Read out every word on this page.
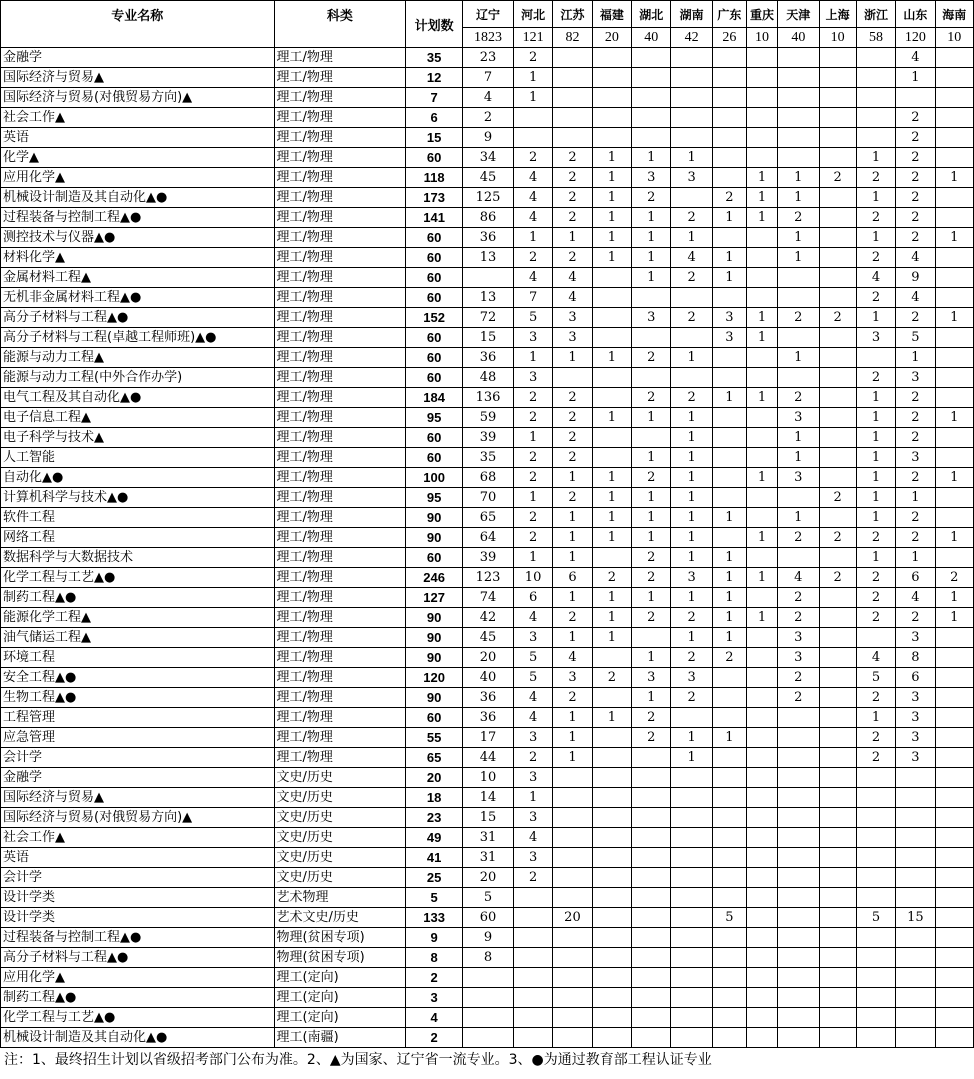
专业名称	科类	计划数	辽宁	河北	江苏	福建	湖北	湖南	广东	重庆	天津	上海	浙江	山东	海南
			1823	121	82	20	40	42	26	10	40	10	58	120	10
金融学	理工/物理	35	23	2										4	
国际经济与贸易▲	理工/物理	12	7	1										1	
国际经济与贸易(对俄贸易方向)▲	理工/物理	7	4	1											
社会工作▲	理工/物理	6	2											2	
英语	理工/物理	15	9											2	
化学▲	理工/物理	60	34	2	2	1	1	1					1	2	
应用化学▲	理工/物理	118	45	4	2	1	3	3		1	1	2	2	2	1
机械设计制造及其自动化▲●	理工/物理	173	125	4	2	1	2		2	1	1		1	2	
过程装备与控制工程▲●	理工/物理	141	86	4	2	1	1	2	1	1	2		2	2	
测控技术与仪器▲●	理工/物理	60	36	1	1	1	1	1			1		1	2	1
材料化学▲	理工/物理	60	13	2	2	1	1	4	1		1		2	4	
金属材料工程▲	理工/物理	60		4	4		1	2	1				4	9	
无机非金属材料工程▲●	理工/物理	60	13	7	4								2	4	
高分子材料与工程▲●	理工/物理	152	72	5	3		3	2	3	1	2	2	1	2	1
高分子材料与工程(卓越工程师班)▲●	理工/物理	60	15	3	3				3	1			3	5	
能源与动力工程▲	理工/物理	60	36	1	1	1	2	1			1			1	
能源与动力工程(中外合作办学)	理工/物理	60	48	3									2	3	
电气工程及其自动化▲●	理工/物理	184	136	2	2		2	2	1	1	2		1	2	
电子信息工程▲	理工/物理	95	59	2	2	1	1	1			3		1	2	1
电子科学与技术▲	理工/物理	60	39	1	2			1			1		1	2	
人工智能	理工/物理	60	35	2	2		1	1			1		1	3	
自动化▲●	理工/物理	100	68	2	1	1	2	1		1	3		1	2	1
计算机科学与技术▲●	理工/物理	95	70	1	2	1	1	1				2	1	1	
软件工程	理工/物理	90	65	2	1	1	1	1	1		1		1	2	
网络工程	理工/物理	90	64	2	1	1	1	1		1	2	2	2	2	1
数据科学与大数据技术	理工/物理	60	39	1	1		2	1	1				1	1	
化学工程与工艺▲●	理工/物理	246	123	10	6	2	2	3	1	1	4	2	2	6	2
制药工程▲●	理工/物理	127	74	6	1	1	1	1	1		2		2	4	1
能源化学工程▲	理工/物理	90	42	4	2	1	2	2	1	1	2		2	2	1
油气储运工程▲	理工/物理	90	45	3	1	1		1	1		3			3	
环境工程	理工/物理	90	20	5	4		1	2	2		3		4	8	
安全工程▲●	理工/物理	120	40	5	3	2	3	3			2		5	6	
生物工程▲●	理工/物理	90	36	4	2		1	2			2		2	3	
工程管理	理工/物理	60	36	4	1	1	2						1	3	
应急管理	理工/物理	55	17	3	1		2	1	1				2	3	
会计学	理工/物理	65	44	2	1			1					2	3	
金融学	文史/历史	20	10	3											
国际经济与贸易▲	文史/历史	18	14	1											
国际经济与贸易(对俄贸易方向)▲	文史/历史	23	15	3											
社会工作▲	文史/历史	49	31	4											
英语	文史/历史	41	31	3											
会计学	文史/历史	25	20	2											
设计学类	艺术物理	5	5												
设计学类	艺术文史/历史	133	60		20				5				5	15	
过程装备与控制工程▲●	物理(贫困专项)	9	9												
高分子材料与工程▲●	物理(贫困专项)	8	8												
应用化学▲	理工(定向)	2													
制药工程▲●	理工(定向)	3													
化学工程与工艺▲●	理工(定向)	4													
机械设计制造及其自动化▲●	理工(南疆)	2													
注：1、最终招生计划以省级招考部门公布为准。2、▲为国家、辽宁省一流专业。3、●为通过教育部工程认证专业
